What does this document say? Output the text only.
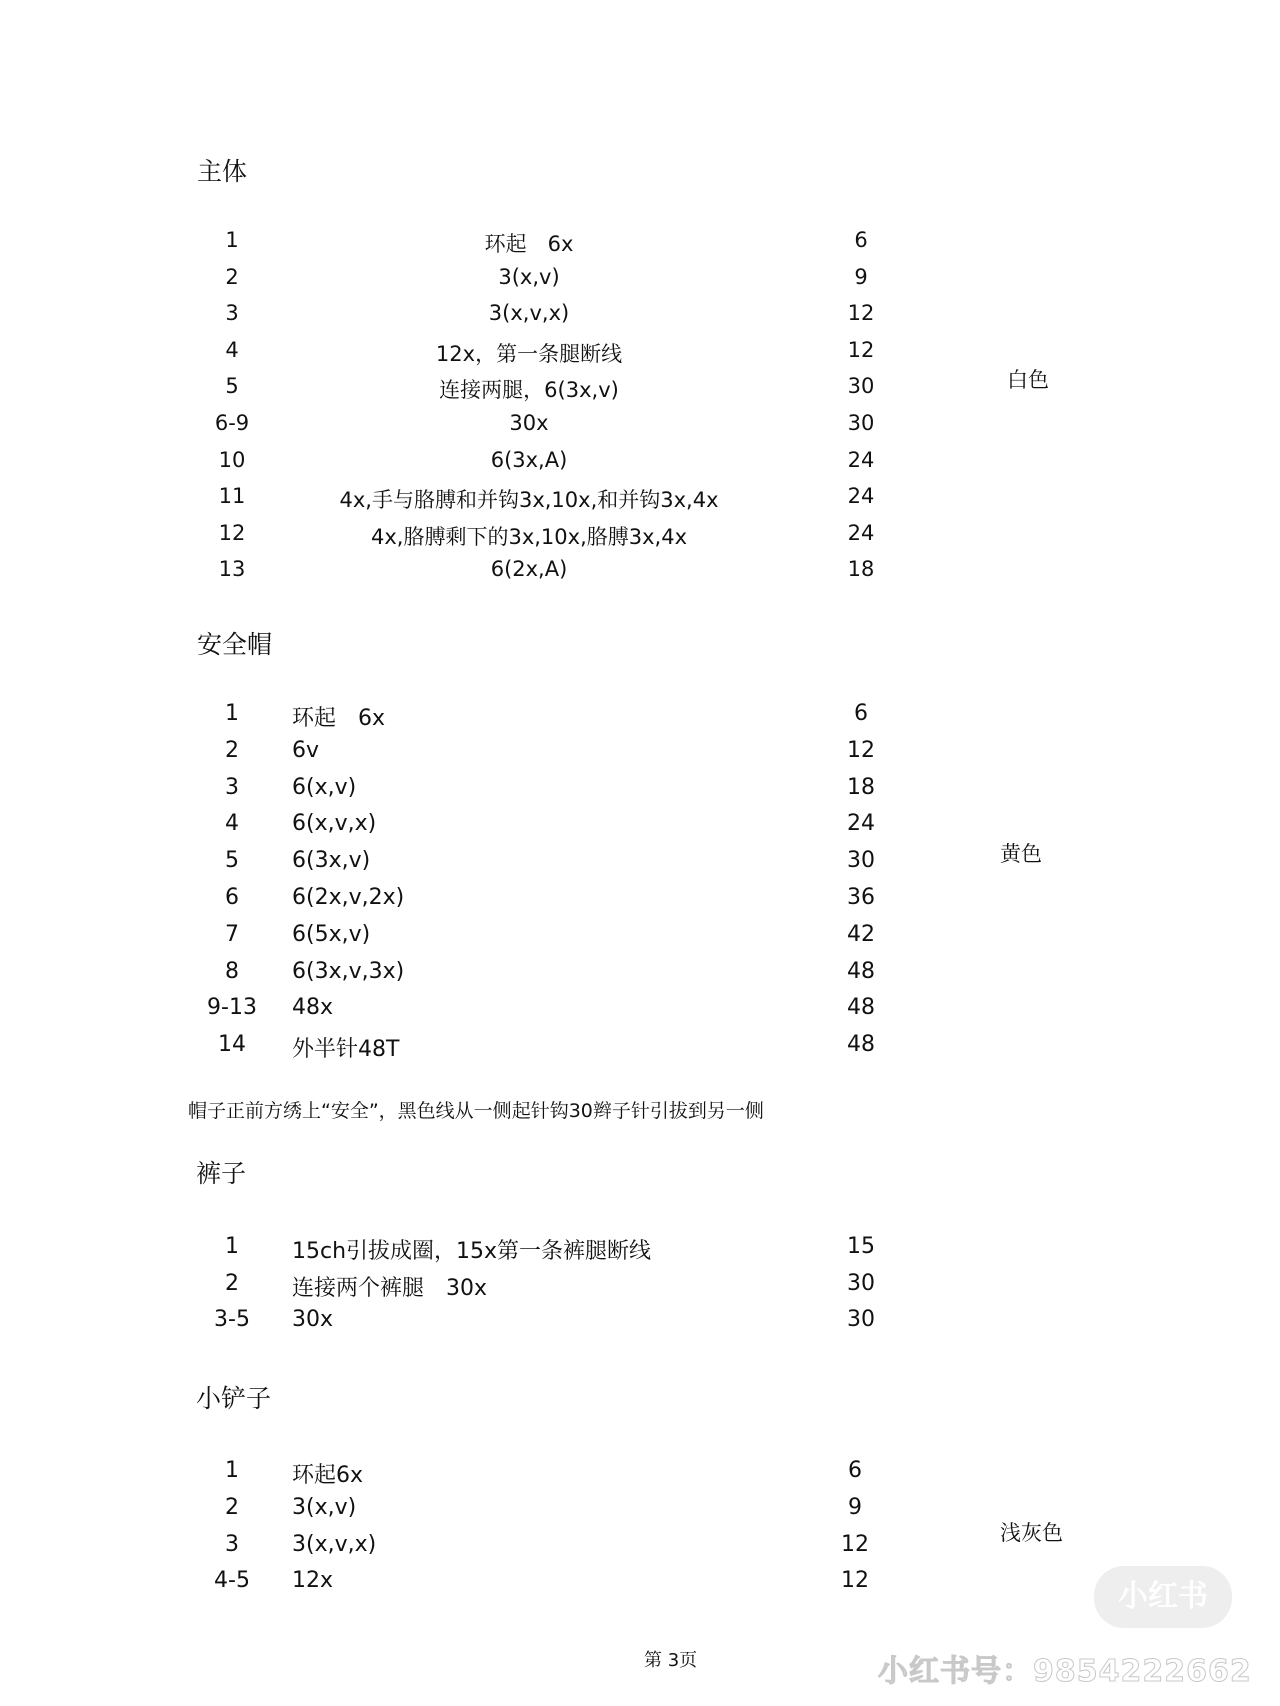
主体
1	环起　6x	6
2	3(x,v)	9
3	3(x,v,x)	12
4	12x，第一条腿断线	12
5	连接两腿，6(3x,v)	30
6-9	30x	30
10	6(3x,A)	24
11	4x,手与胳膊和并钩3x,10x,和并钩3x,4x	24
12	4x,胳膊剩下的3x,10x,胳膊3x,4x	24
13	6(2x,A)	18
白色
安全帽
1 环起　6x	6
2 6v	12
3 6(x,v)	18
4 6(x,v,x)	24
5 6(3x,v)	30
6 6(2x,v,2x)	36
7 6(5x,v)	42
8 6(3x,v,3x)	48
9-13 48x	48
14 外半针48T	48
黄色
帽子正前方绣上“安全”，黑色线从一侧起针钩30辫子针引拔到另一侧
裤子
1 15ch引拔成圈，15x第一条裤腿断线	15
2 连接两个裤腿　30x	30
3-5 30x	30
小铲子
1 环起6x	6
2 3(x,v)	9
3 3(x,v,x)	12
4-5 12x	12
浅灰色
第 3页
小红书
小红书号：9854222662
